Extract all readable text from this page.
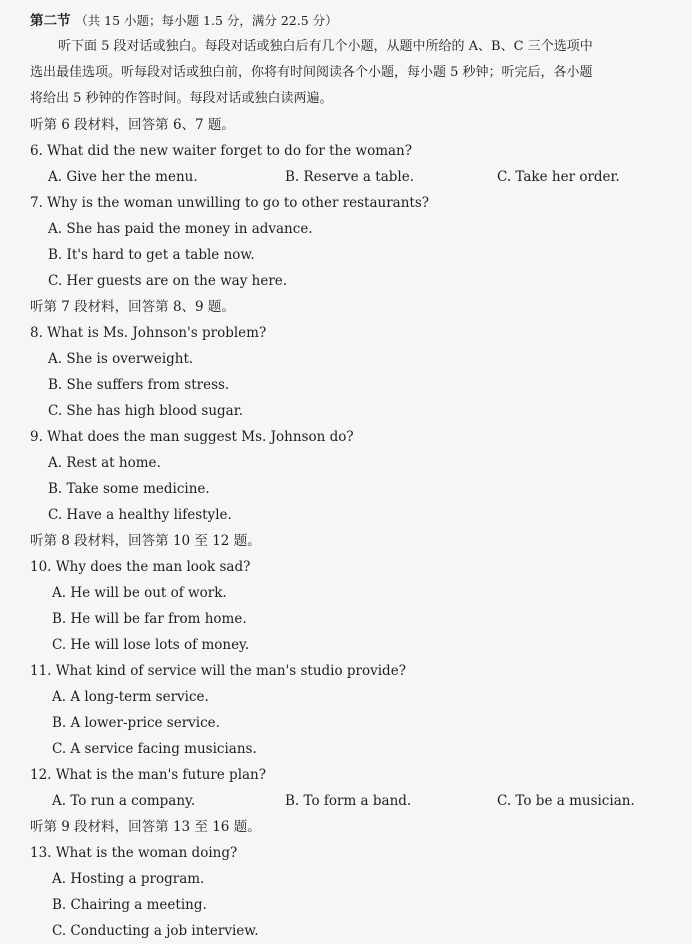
第二节 （共 15 小题；每小题 1.5 分，满分 22.5 分）
听下面 5 段对话或独白。每段对话或独白后有几个小题，从题中所给的 A、B、C 三个选项中
选出最佳选项。听每段对话或独白前，你将有时间阅读各个小题，每小题 5 秒钟；听完后，各小题
将给出 5 秒钟的作答时间。每段对话或独白读两遍。
听第 6 段材料，回答第 6、7 题。
6. What did the new waiter forget to do for the woman?
A. Give her the menu.	B. Reserve a table.	C. Take her order.
7. Why is the woman unwilling to go to other restaurants?
A. She has paid the money in advance.
B. It's hard to get a table now.
C. Her guests are on the way here.
听第 7 段材料，回答第 8、9 题。
8. What is Ms. Johnson's problem?
A. She is overweight.
B. She suffers from stress.
C. She has high blood sugar.
9. What does the man suggest Ms. Johnson do?
A. Rest at home.
B. Take some medicine.
C. Have a healthy lifestyle.
听第 8 段材料，回答第 10 至 12 题。
10. Why does the man look sad?
A. He will be out of work.
B. He will be far from home.
C. He will lose lots of money.
11. What kind of service will the man's studio provide?
A. A long-term service.
B. A lower-price service.
C. A service facing musicians.
12. What is the man's future plan?
A. To run a company.	B. To form a band.	C. To be a musician.
听第 9 段材料，回答第 13 至 16 题。
13. What is the woman doing?
A. Hosting a program.
B. Chairing a meeting.
C. Conducting a job interview.
